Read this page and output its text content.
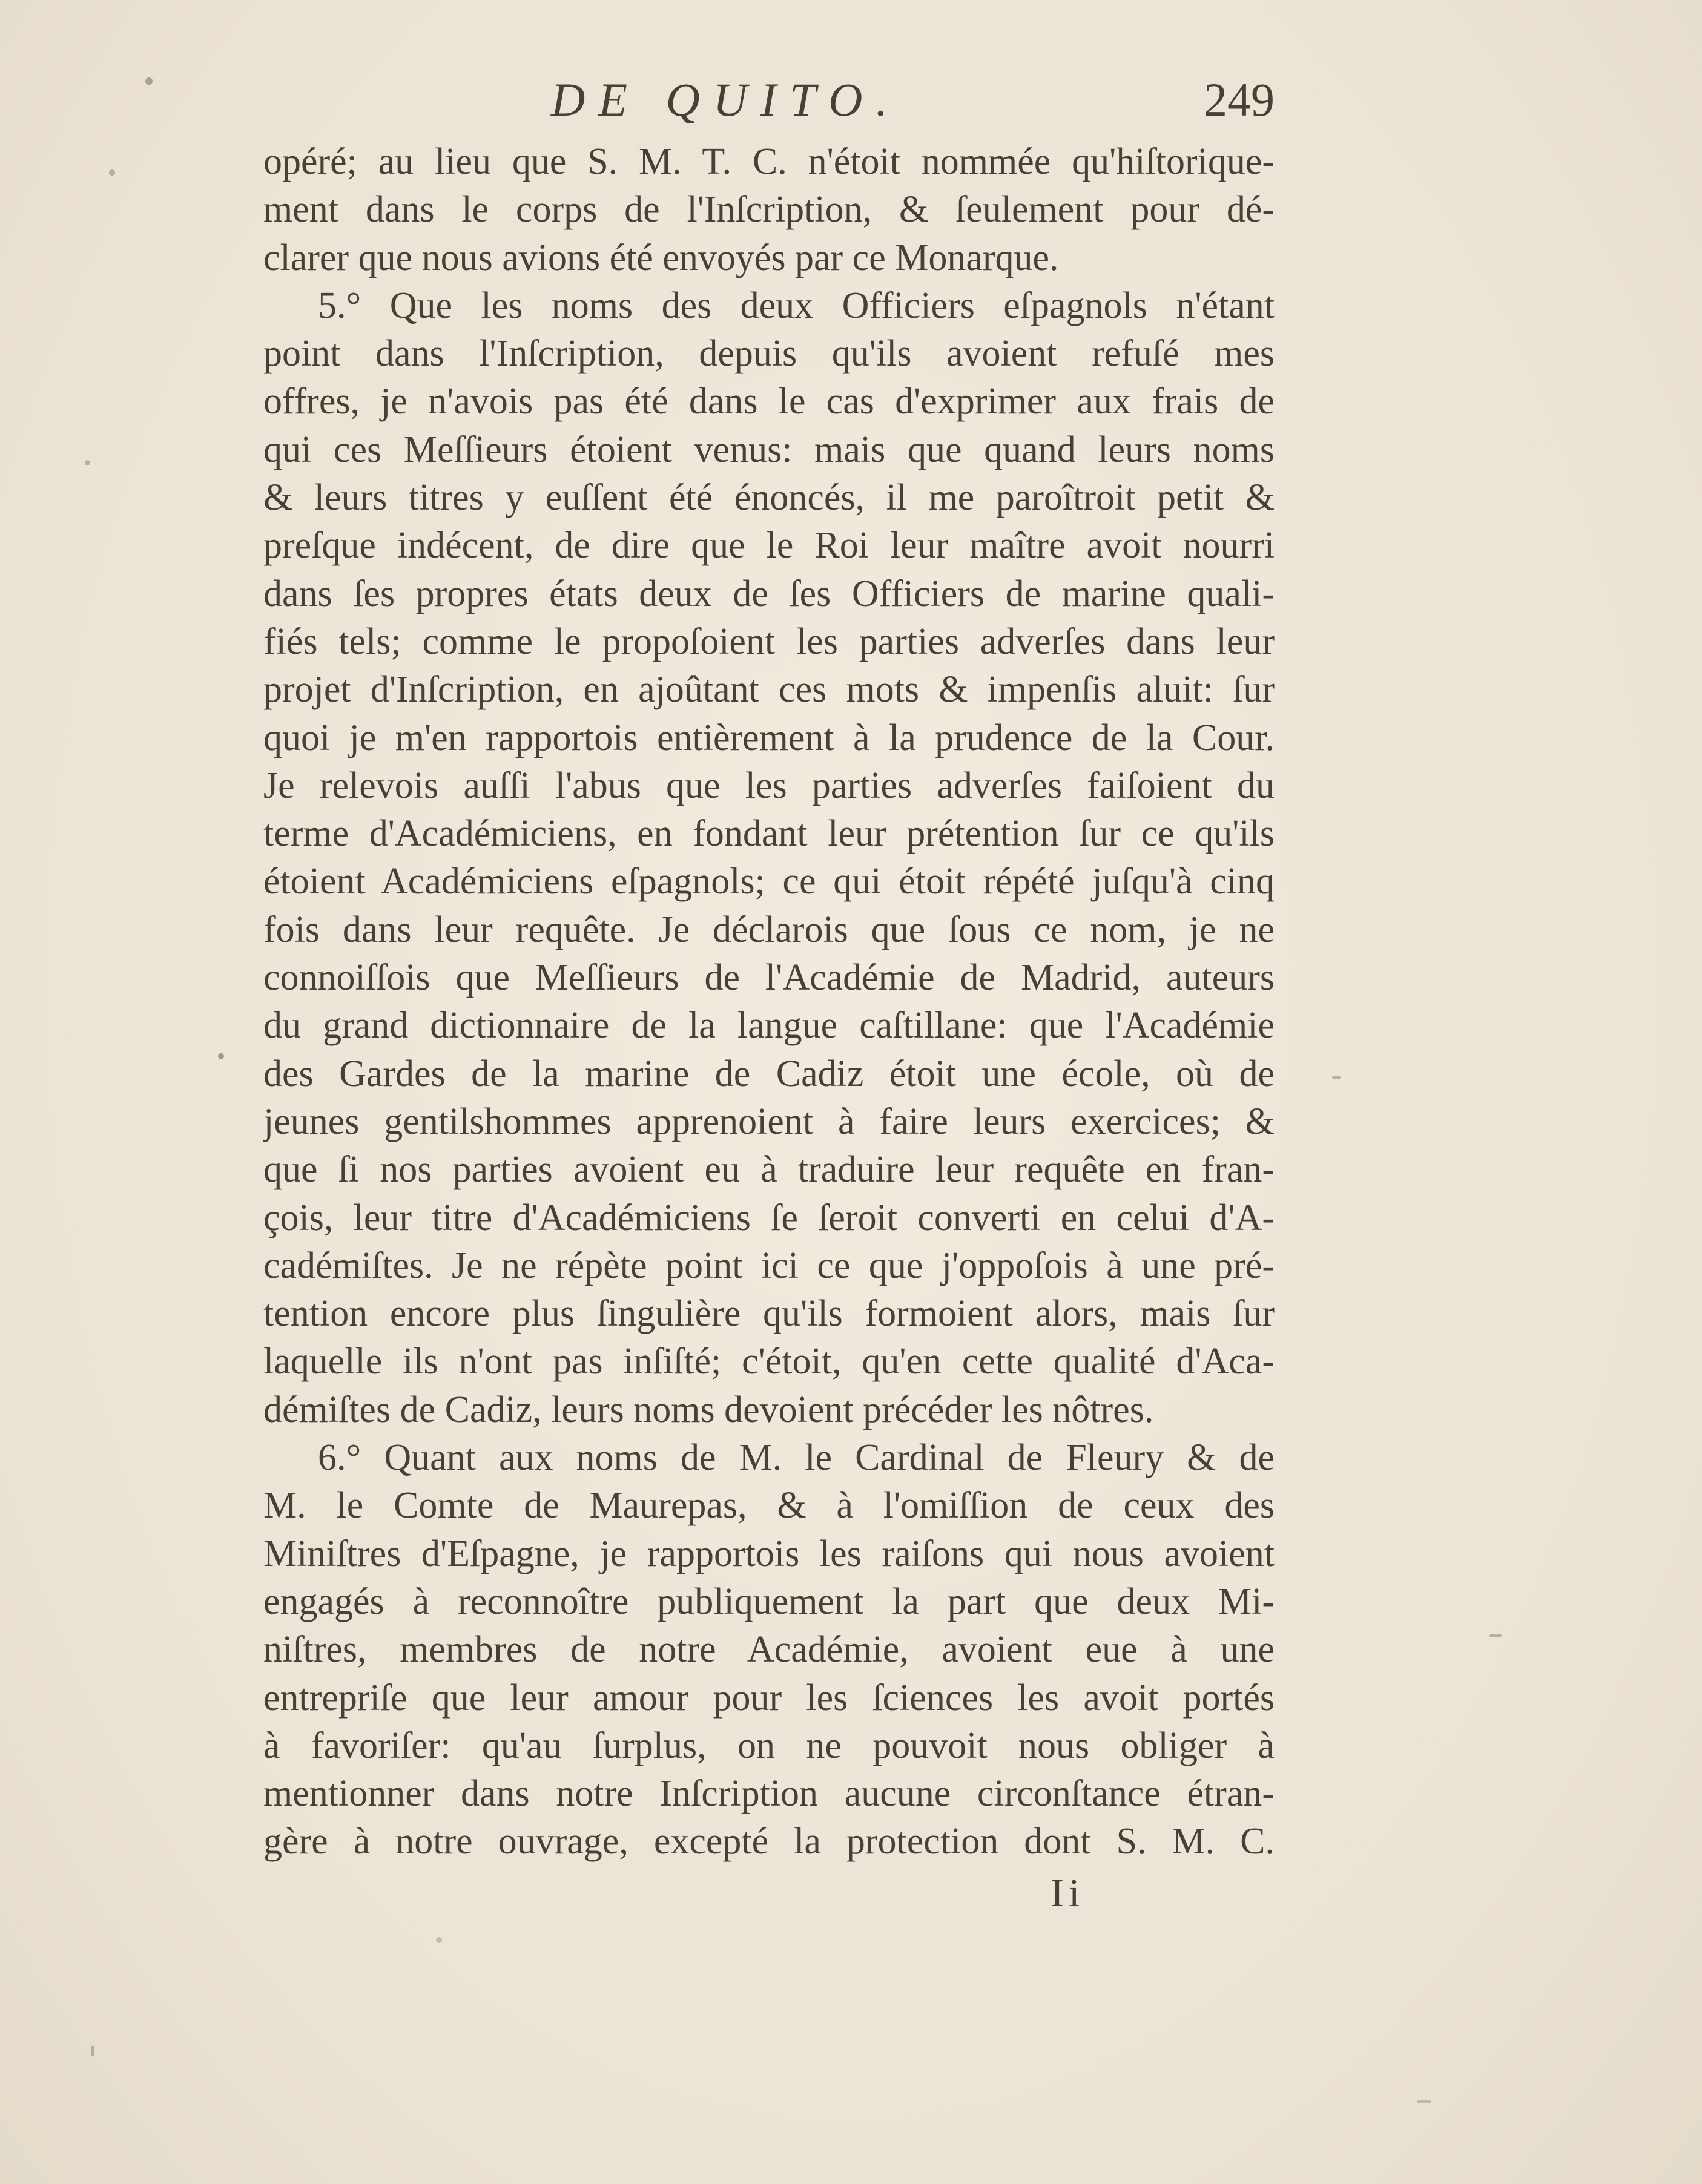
DE QUITO.	249
opéré; au lieu que S. M. T. C. n'étoit nommée qu'hiſtorique-
ment dans le corps de l'Inſcription, & ſeulement pour dé-
clarer que nous avions été envoyés par ce Monarque.
5.° Que les noms des deux Officiers eſpagnols n'étant
point dans l'Inſcription, depuis qu'ils avoient refuſé mes
offres, je n'avois pas été dans le cas d'exprimer aux frais de
qui ces Meſſieurs étoient venus: mais que quand leurs noms
& leurs titres y euſſent été énoncés, il me paroîtroit petit &
preſque indécent, de dire que le Roi leur maître avoit nourri
dans ſes propres états deux de ſes Officiers de marine quali-
fiés tels; comme le propoſoient les parties adverſes dans leur
projet d'Inſcription, en ajoûtant ces mots & impenſis aluit: ſur
quoi je m'en rapportois entièrement à la prudence de la Cour.
Je relevois auſſi l'abus que les parties adverſes faiſoient du
terme d'Académiciens, en fondant leur prétention ſur ce qu'ils
étoient Académiciens eſpagnols; ce qui étoit répété juſqu'à cinq
fois dans leur requête. Je déclarois que ſous ce nom, je ne
connoiſſois que Meſſieurs de l'Académie de Madrid, auteurs
du grand dictionnaire de la langue caſtillane: que l'Académie
des Gardes de la marine de Cadiz étoit une école, où de
jeunes gentilshommes apprenoient à faire leurs exercices; &
que ſi nos parties avoient eu à traduire leur requête en fran-
çois, leur titre d'Académiciens ſe ſeroit converti en celui d'A-
cadémiſtes. Je ne répète point ici ce que j'oppoſois à une pré-
tention encore plus ſingulière qu'ils formoient alors, mais ſur
laquelle ils n'ont pas inſiſté; c'étoit, qu'en cette qualité d'Aca-
démiſtes de Cadiz, leurs noms devoient précéder les nôtres.
6.° Quant aux noms de M. le Cardinal de Fleury & de
M. le Comte de Maurepas, & à l'omiſſion de ceux des
Miniſtres d'Eſpagne, je rapportois les raiſons qui nous avoient
engagés à reconnoître publiquement la part que deux Mi-
niſtres, membres de notre Académie, avoient eue à une
entrepriſe que leur amour pour les ſciences les avoit portés
à favoriſer: qu'au ſurplus, on ne pouvoit nous obliger à
mentionner dans notre Inſcription aucune circonſtance étran-
gère à notre ouvrage, excepté la protection dont S. M. C.
Ii
